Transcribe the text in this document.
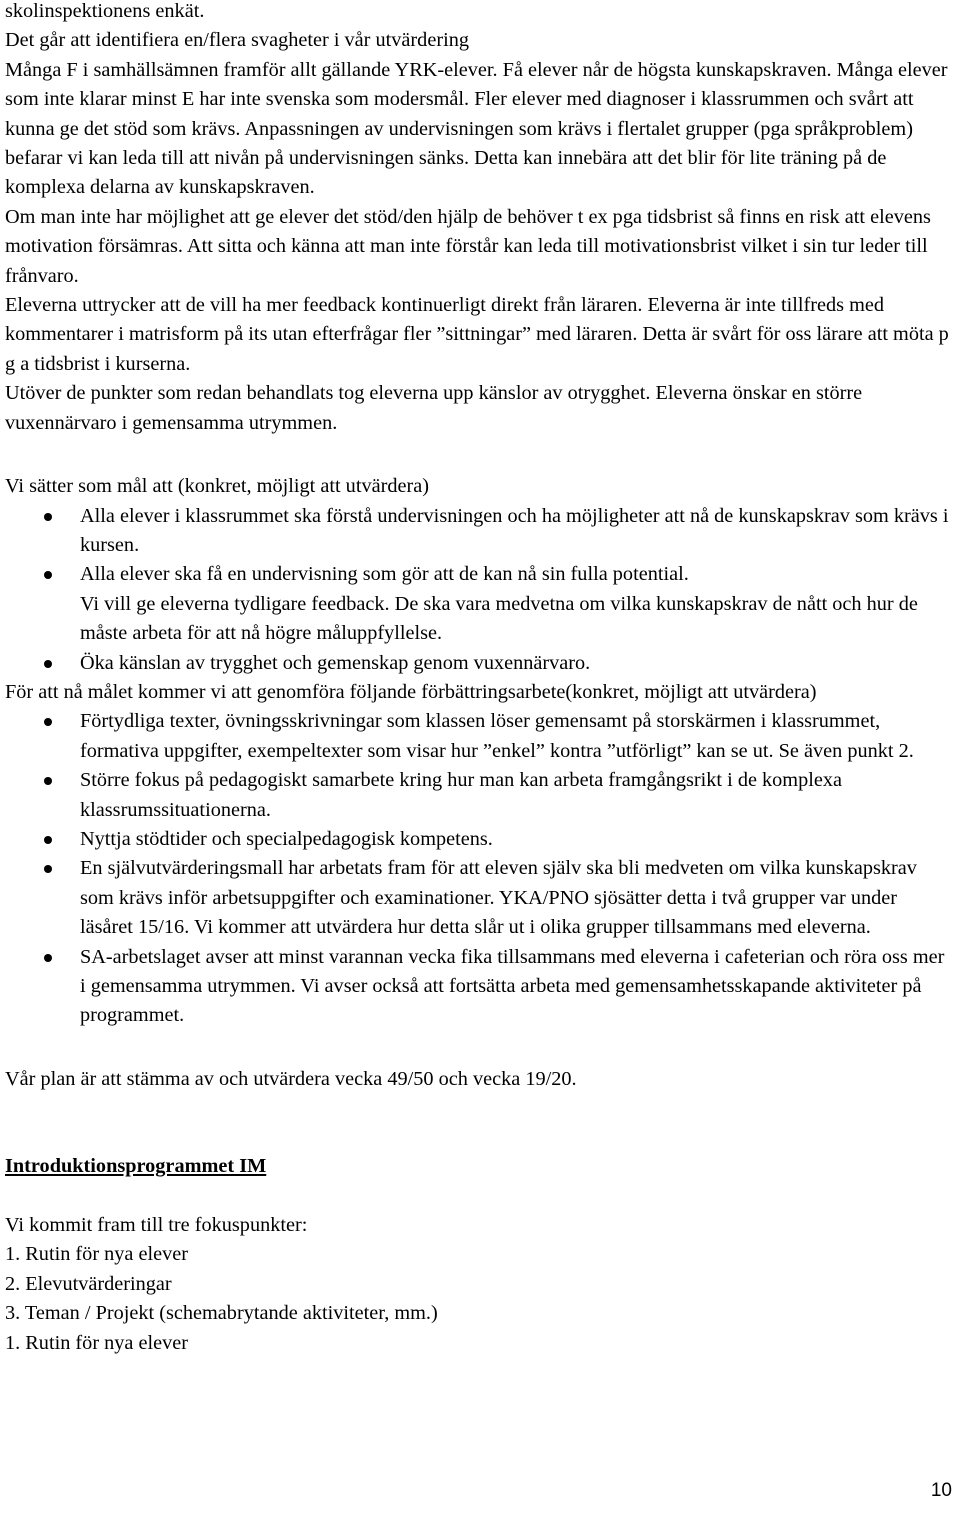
skolinspektionens enkät.

Det går att identifiera en/flera svagheter i vår utvärdering
Många F i samhällsämnen framför allt gällande YRK-elever. Få elever når de högsta kunskapskraven. Många elever som inte klarar minst E har inte svenska som modersmål. Fler elever med diagnoser i klassrummen och svårt att kunna ge det stöd som krävs. Anpassningen av undervisningen som krävs i flertalet grupper (pga språkproblem) befarar vi kan leda till att nivån på undervisningen sänks. Detta kan innebära att det blir för lite träning på de komplexa delarna av kunskapskraven.

Om man inte har möjlighet att ge elever det stöd/den hjälp de behöver t ex pga tidsbrist så finns en risk att elevens motivation försämras. Att sitta och känna att man inte förstår kan leda till motivationsbrist vilket i sin tur leder till frånvaro.

Eleverna uttrycker att de vill ha mer feedback kontinuerligt direkt från läraren. Eleverna är inte tillfreds med kommentarer i matrisform på its utan efterfrågar fler ”sittningar” med läraren. Detta är svårt för oss lärare att möta p g a tidsbrist i kurserna.

Utöver de punkter som redan behandlats tog eleverna upp känslor av otrygghet. Eleverna önskar en större vuxennärvaro i gemensamma utrymmen.

Vi sätter som mål att (konkret, möjligt att utvärdera)

Alla elever i klassrummet ska förstå undervisningen och ha möjligheter att nå de kunskapskrav som krävs i kursen.
Alla elever ska få en undervisning som gör att de kan nå sin fulla potential.
Vi vill ge eleverna tydligare feedback. De ska vara medvetna om vilka kunskapskrav de nått och hur de måste arbeta för att nå högre måluppfyllelse.
Öka känslan av trygghet och gemenskap genom vuxennärvaro.

För att nå målet kommer vi att genomföra följande förbättringsarbete(konkret, möjligt att utvärdera)

Förtydliga texter, övningsskrivningar som klassen löser gemensamt på storskärmen i klassrummet, formativa uppgifter, exempeltexter som visar hur ”enkel” kontra ”utförligt” kan se ut. Se även punkt 2.
Större fokus på pedagogiskt samarbete kring hur man kan arbeta framgångsrikt i de komplexa klassrumssituationerna.
Nyttja stödtider och specialpedagogisk kompetens.
En självutvärderingsmall har arbetats fram för att eleven själv ska bli medveten om vilka kunskapskrav som krävs inför arbetsuppgifter och examinationer. YKA/PNO sjösätter detta i två grupper var under läsåret 15/16. Vi kommer att utvärdera hur detta slår ut i olika grupper tillsammans med eleverna.
SA-arbetslaget avser att minst varannan vecka fika tillsammans med eleverna i cafeterian och röra oss mer i gemensamma utrymmen. Vi avser också att fortsätta arbeta med gemensamhetsskapande aktiviteter på programmet.

Vår plan är att stämma av och utvärdera vecka 49/50 och vecka 19/20.

Introduktionsprogrammet IM

Vi kommit fram till tre fokuspunkter:

1. Rutin för nya elever

2. Elevutvärderingar

3. Teman / Projekt (schemabrytande aktiviteter, mm.)

1. Rutin för nya elever

10
